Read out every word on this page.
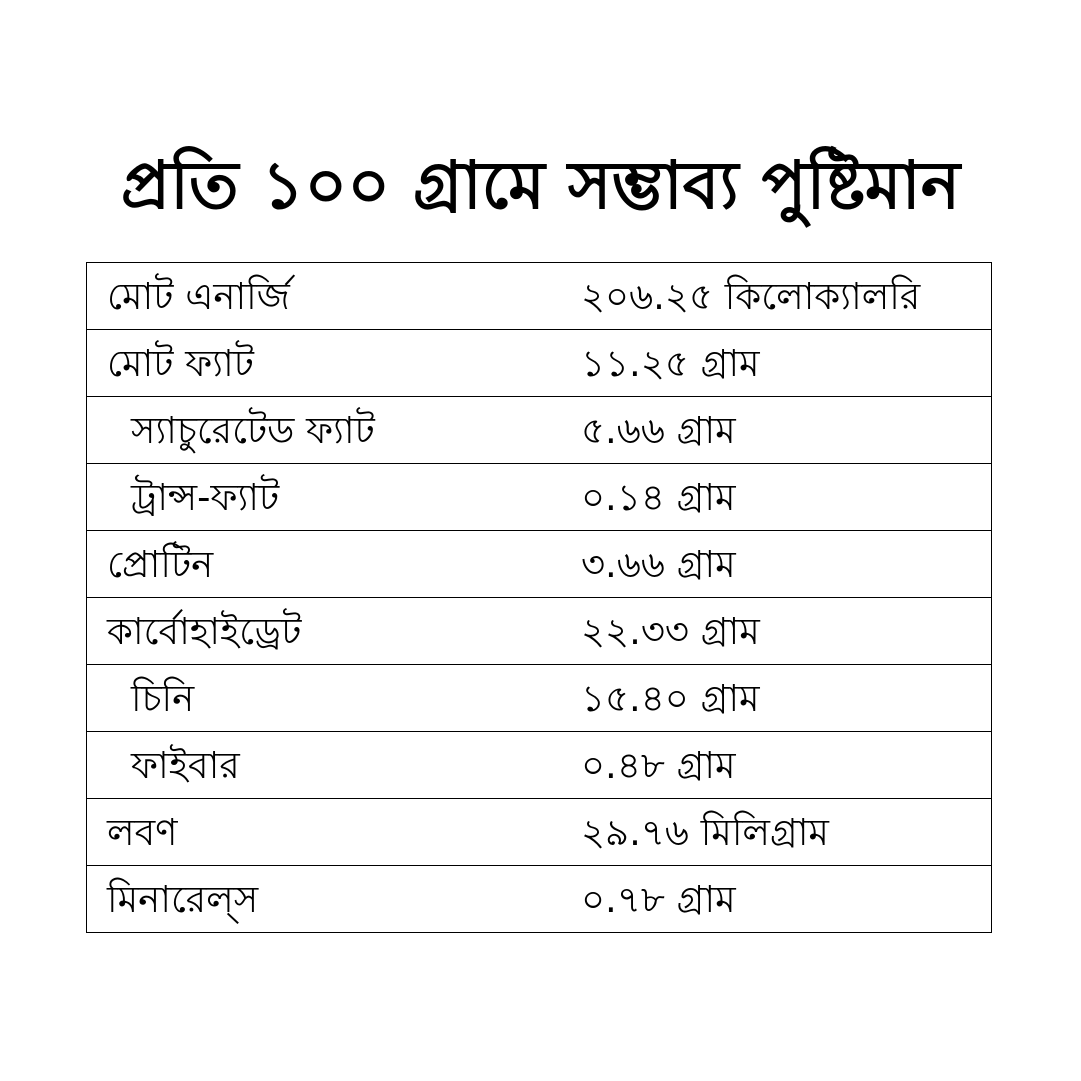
প্রতি ১০০ গ্রামে সম্ভাব্য পুষ্টিমান
মোট এনার্জি	২০৬.২৫ কিলোক্যালরি
মোট ফ্যাট	১১.২৫ গ্রাম
স্যাচুরেটেড ফ্যাট	৫.৬৬ গ্রাম
ট্রান্স-ফ্যাট	০.১৪ গ্রাম
প্রোটিন	৩.৬৬ গ্রাম
কার্বোহাইড্রেট	২২.৩৩ গ্রাম
চিনি	১৫.৪০ গ্রাম
ফাইবার	০.৪৮ গ্রাম
লবণ	২৯.৭৬ মিলিগ্রাম
মিনারেল্স	০.৭৮ গ্রাম
